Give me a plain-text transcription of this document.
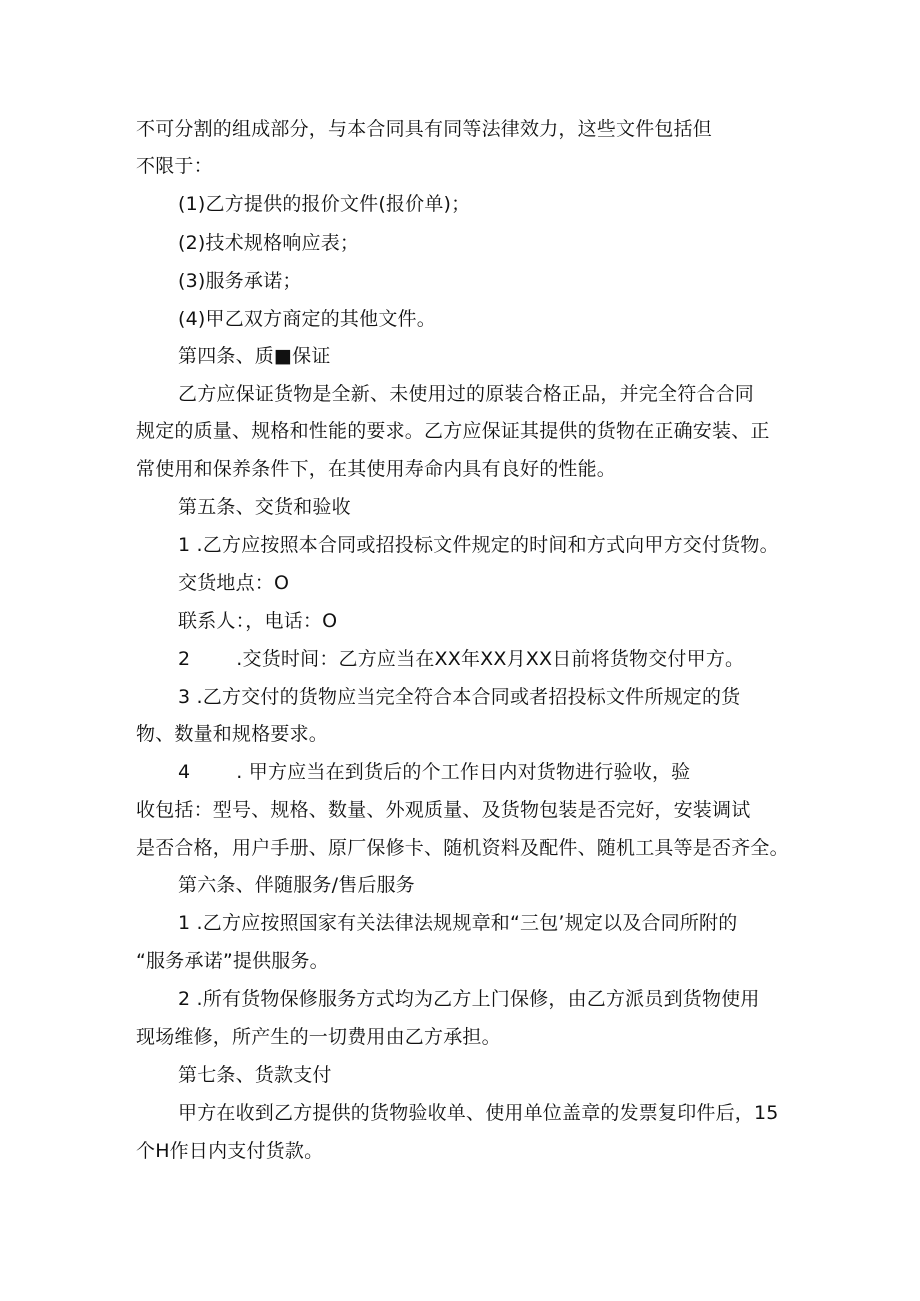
不可分割的组成部分，与本合同具有同等法律效力，这些文件包括但
不限于：
(1)乙方提供的报价文件(报价单)；
(2)技术规格响应表；
(3)服务承诺；
(4)甲乙双方商定的其他文件。
第四条、质■保证
乙方应保证货物是全新、未使用过的原装合格正品，并完全符合合同
规定的质量、规格和性能的要求。乙方应保证其提供的货物在正确安装、正
常使用和保养条件下，在其使用寿命内具有良好的性能。
第五条、交货和验收
1 .乙方应按照本合同或招投标文件规定的时间和方式向甲方交付货物。
交货地点：O
联系人：，电话：O
2 .交货时间：乙方应当在XX年XX月XX日前将货物交付甲方。
3 .乙方交付的货物应当完全符合本合同或者招投标文件所规定的货
物、数量和规格要求。
4 . 甲方应当在到货后的个工作日内对货物进行验收，验
收包括：型号、规格、数量、外观质量、及货物包装是否完好，安装调试
是否合格，用户手册、原厂保修卡、随机资料及配件、随机工具等是否齐全。
第六条、伴随服务/售后服务
1 .乙方应按照国家有关法律法规规章和“三包’规定以及合同所附的
“服务承诺”提供服务。
2 .所有货物保修服务方式均为乙方上门保修，由乙方派员到货物使用
现场维修，所产生的一切费用由乙方承担。
第七条、货款支付
甲方在收到乙方提供的货物验收单、使用单位盖章的发票复印件后，15
个H作日内支付货款。
